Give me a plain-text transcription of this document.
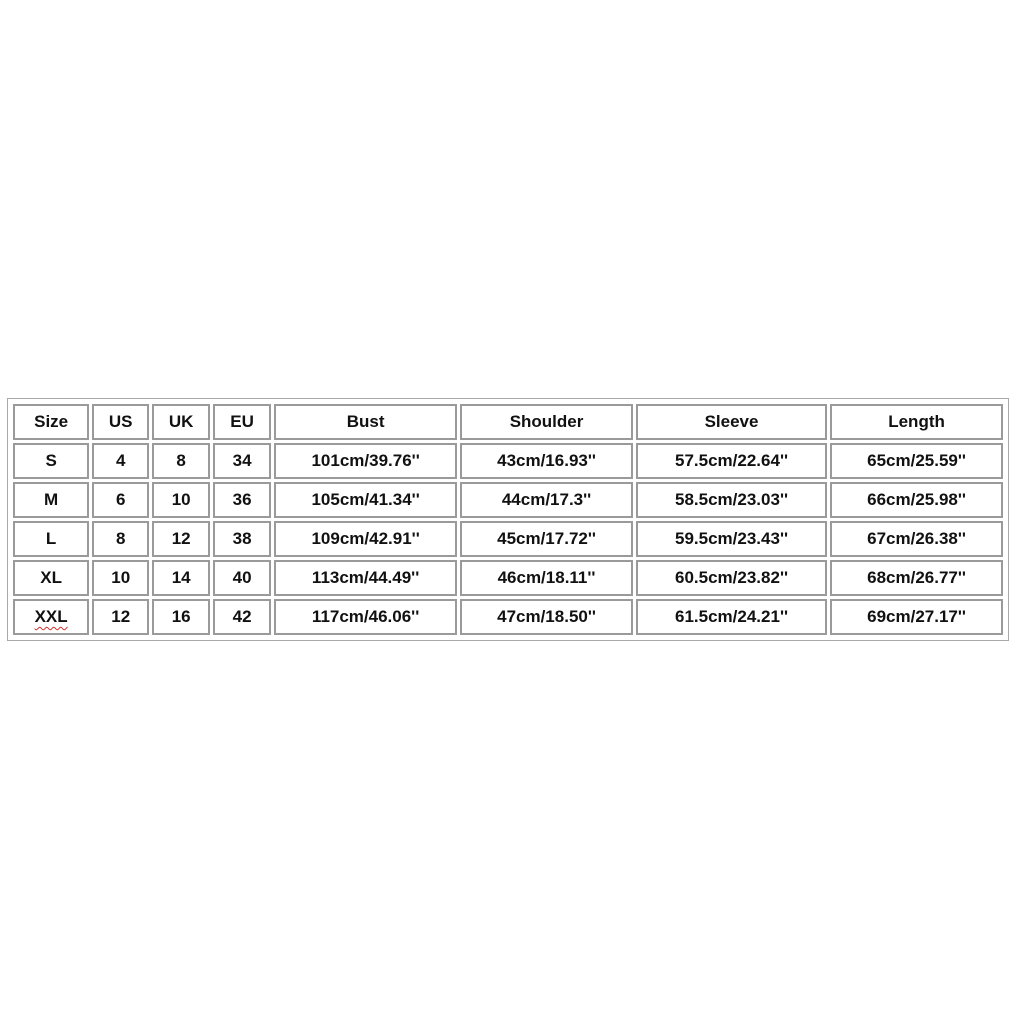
Size	US	UK	EU	Bust	Shoulder	Sleeve	Length
S	4	8	34	101cm/39.76''	43cm/16.93''	57.5cm/22.64''	65cm/25.59''
M	6	10	36	105cm/41.34''	44cm/17.3''	58.5cm/23.03''	66cm/25.98''
L	8	12	38	109cm/42.91''	45cm/17.72''	59.5cm/23.43''	67cm/26.38''
XL	10	14	40	113cm/44.49''	46cm/18.11''	60.5cm/23.82''	68cm/26.77''
XXL	12	16	42	117cm/46.06''	47cm/18.50''	61.5cm/24.21''	69cm/27.17''
